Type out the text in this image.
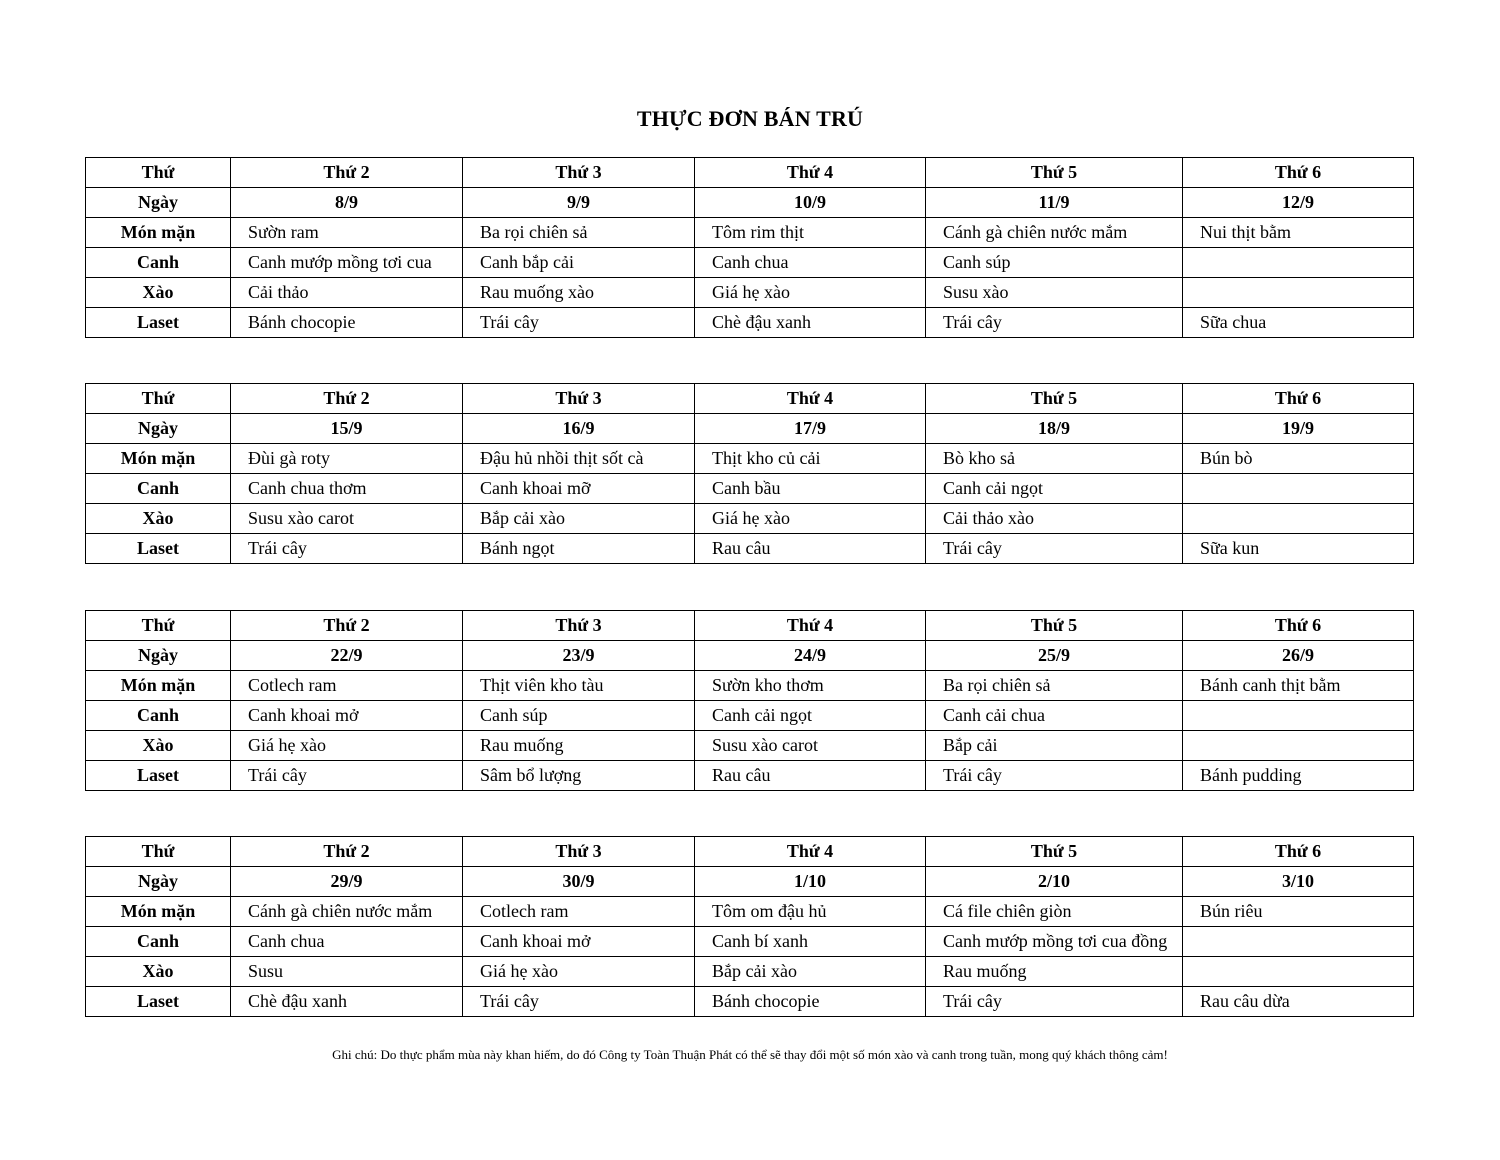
THỰC ĐƠN BÁN TRÚ
Thứ	Thứ 2	Thứ 3	Thứ 4	Thứ 5	Thứ 6
Ngày	8/9	9/9	10/9	11/9	12/9
Món mặn	Sườn ram	Ba rọi chiên sả	Tôm rim thịt	Cánh gà chiên nước mắm	Nui thịt bằm
Canh	Canh mướp mồng tơi cua	Canh bắp cải	Canh chua	Canh súp	
Xào	Cải thảo	Rau muống xào	Giá hẹ xào	Susu xào	
Laset	Bánh chocopie	Trái cây	Chè đậu xanh	Trái cây	Sữa chua
Thứ	Thứ 2	Thứ 3	Thứ 4	Thứ 5	Thứ 6
Ngày	15/9	16/9	17/9	18/9	19/9
Món mặn	Đùi gà roty	Đậu hủ nhồi thịt sốt cà	Thịt kho củ cải	Bò kho sả	Bún bò
Canh	Canh chua thơm	Canh khoai mỡ	Canh bầu	Canh cải ngọt	
Xào	Susu xào carot	Bắp cải xào	Giá hẹ xào	Cải thảo xào	
Laset	Trái cây	Bánh ngọt	Rau câu	Trái cây	Sữa kun
Thứ	Thứ 2	Thứ 3	Thứ 4	Thứ 5	Thứ 6
Ngày	22/9	23/9	24/9	25/9	26/9
Món mặn	Cotlech ram	Thịt viên kho tàu	Sườn kho thơm	Ba rọi chiên sả	Bánh canh thịt bằm
Canh	Canh khoai mở	Canh súp	Canh cải ngọt	Canh cải chua	
Xào	Giá hẹ xào	Rau muống	Susu xào carot	Bắp cải	
Laset	Trái cây	Sâm bổ lượng	Rau câu	Trái cây	Bánh pudding
Thứ	Thứ 2	Thứ 3	Thứ 4	Thứ 5	Thứ 6
Ngày	29/9	30/9	1/10	2/10	3/10
Món mặn	Cánh gà chiên nước mắm	Cotlech ram	Tôm om đậu hủ	Cá file chiên giòn	Bún riêu
Canh	Canh chua	Canh khoai mở	Canh bí xanh	Canh mướp mồng tơi cua đồng	
Xào	Susu	Giá hẹ xào	Bắp cải xào	Rau muống	
Laset	Chè đậu xanh	Trái cây	Bánh chocopie	Trái cây	Rau câu dừa
Ghi chú: Do thực phẩm mùa này khan hiếm, do đó Công ty Toàn Thuận Phát có thể sẽ thay đổi một số món xào và canh trong tuần, mong quý khách thông cảm!
